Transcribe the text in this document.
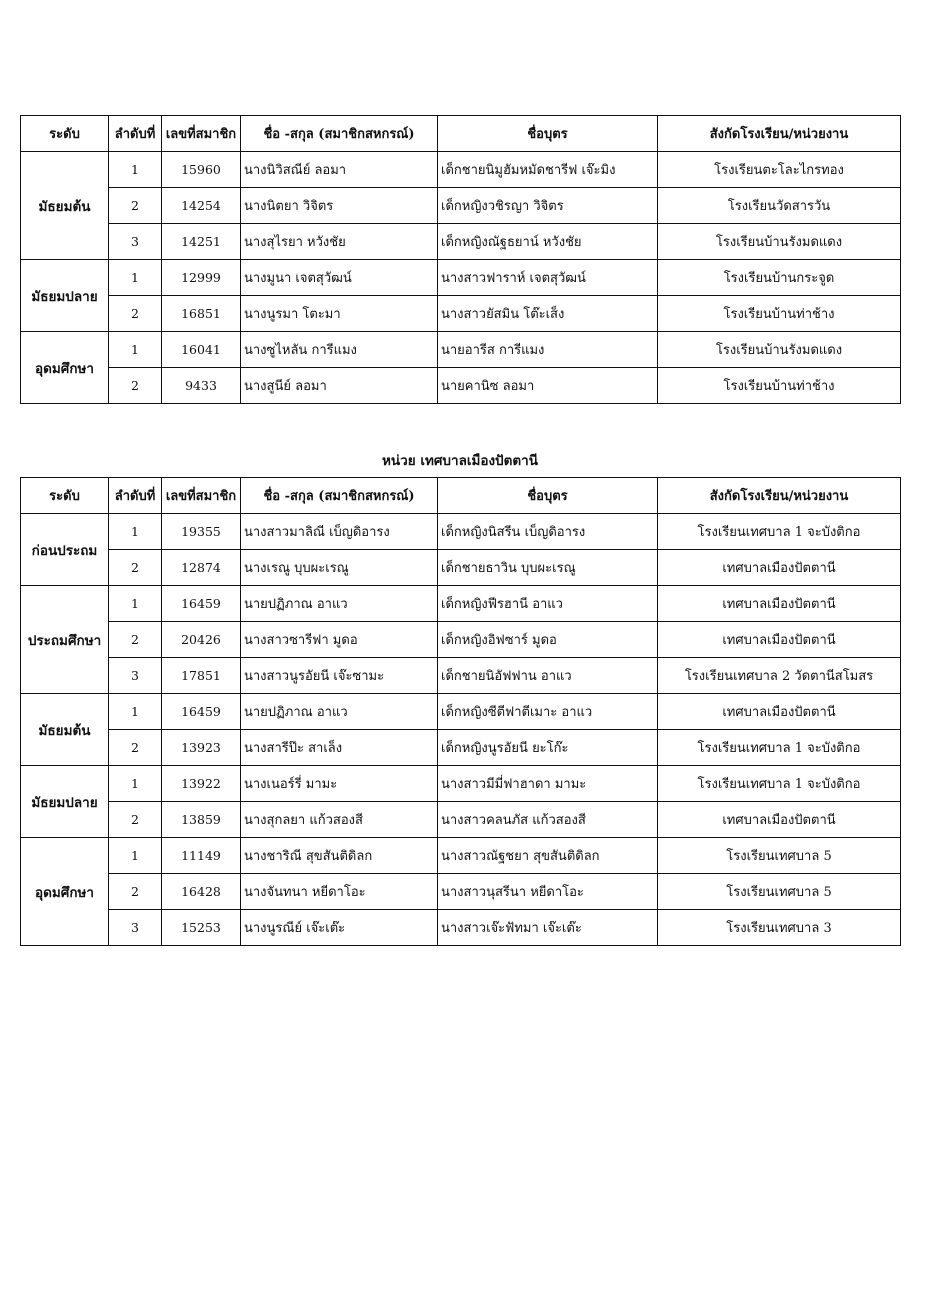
ระดับ	ลำดับที่	เลขที่สมาชิก	ชื่อ -สกุล (สมาชิกสหกรณ์)	ชื่อบุตร	สังกัดโรงเรียน/หน่วยงาน
มัธยมต้น	1	15960	นางนิวิสณีย์ ลอมา	เด็กชายนิมูฮัมหมัดชารีฟ เจ๊ะมิง	โรงเรียนตะโละไกรทอง
	2	14254	นางนิตยา วิจิตร	เด็กหญิงวชิรญา วิจิตร	โรงเรียนวัดสารวัน
	3	14251	นางสุไรยา หวังชัย	เด็กหญิงณัฐธยาน์ หวังชัย	โรงเรียนบ้านรังมดแดง
มัธยมปลาย	1	12999	นางมูนา เจตสุวัฒน์	นางสาวฟาราห์ เจตสุวัฒน์	โรงเรียนบ้านกระจูด
	2	16851	นางนูรมา โตะมา	นางสาวยัสมิน โต๊ะเส็ง	โรงเรียนบ้านท่าช้าง
อุดมศึกษา	1	16041	นางซูไหลัน การีแมง	นายอารีส การีแมง	โรงเรียนบ้านรังมดแดง
	2	9433	นางสูนีย์ ลอมา	นายคานิซ ลอมา	โรงเรียนบ้านท่าช้าง
หน่วย เทศบาลเมืองปัตตานี
ระดับ	ลำดับที่	เลขที่สมาชิก	ชื่อ -สกุล (สมาชิกสหกรณ์)	ชื่อบุตร	สังกัดโรงเรียน/หน่วยงาน
ก่อนประถม	1	19355	นางสาวมาลิณี เบ็ญดิอารง	เด็กหญิงนิสรีน เบ็ญดิอารง	โรงเรียนเทศบาล 1 จะบังติกอ
	2	12874	นางเรณู บุบผะเรณู	เด็กชายธาวิน บุบผะเรณู	เทศบาลเมืองปัตตานี
ประถมศึกษา	1	16459	นายปฏิภาณ อาแว	เด็กหญิงฟีรฮานี อาแว	เทศบาลเมืองปัตตานี
	2	20426	นางสาวซารีฟา มูดอ	เด็กหญิงอิฟซาร์ มูดอ	เทศบาลเมืองปัตตานี
	3	17851	นางสาวนูรอัยนี เจ๊ะซามะ	เด็กชายนิอัฟฟาน อาแว	โรงเรียนเทศบาล 2 วัดตานีสโมสร
มัธยมต้น	1	16459	นายปฏิภาณ อาแว	เด็กหญิงซีตีฟาตีเมาะ อาแว	เทศบาลเมืองปัตตานี
	2	13923	นางสารีป๊ะ สาเล็ง	เด็กหญิงนูรอัยนี ยะโก๊ะ	โรงเรียนเทศบาล 1 จะบังติกอ
มัธยมปลาย	1	13922	นางเนอร์รี่ มามะ	นางสาวมีมี่ฟาฮาดา มามะ	โรงเรียนเทศบาล 1 จะบังติกอ
	2	13859	นางสุกลยา แก้วสองสี	นางสาวคลนภัส แก้วสองสี	เทศบาลเมืองปัตตานี
อุดมศึกษา	1	11149	นางชาริณี สุขสันติดิลก	นางสาวณัฐชยา สุขสันติดิลก	โรงเรียนเทศบาล 5
	2	16428	นางจันทนา หยีดาโอะ	นางสาวนุสรีนา หยีดาโอะ	โรงเรียนเทศบาล 5
	3	15253	นางนูรณีย์ เจ๊ะเต๊ะ	นางสาวเจ๊ะฟัทมา เจ๊ะเต๊ะ	โรงเรียนเทศบาล 3
